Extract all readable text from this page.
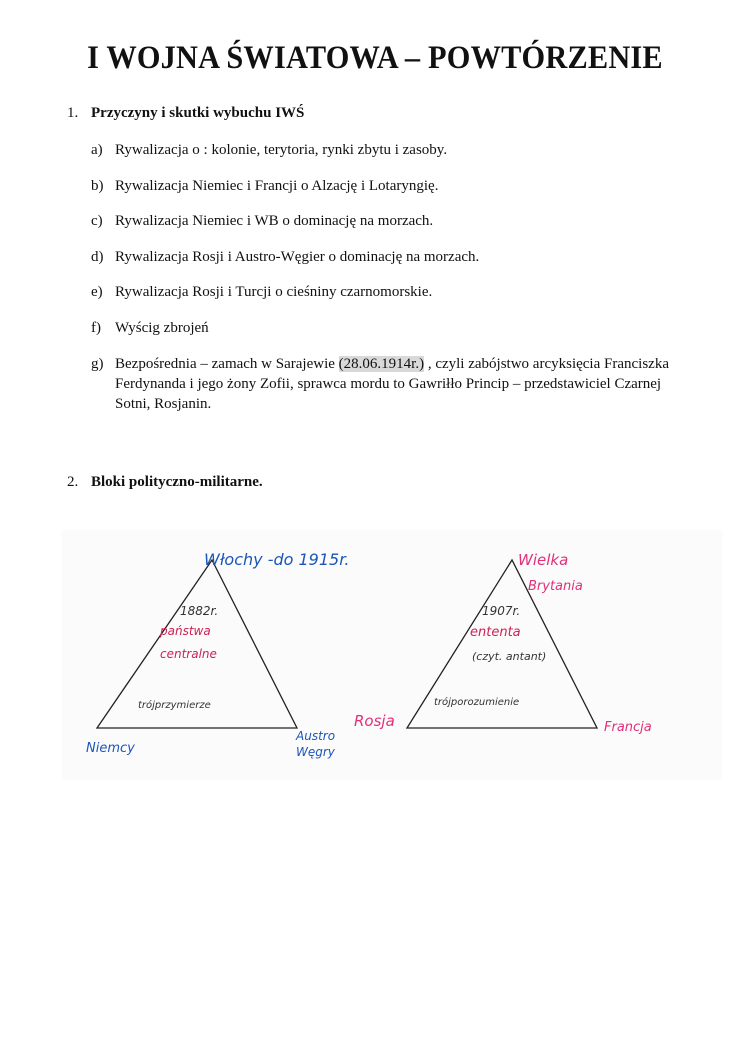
I WOJNA ŚWIATOWA – POWTÓRZENIE
1. Przyczyny i skutki wybuchu IWŚ
a) Rywalizacja o : kolonie, terytoria, rynki zbytu i zasoby.
b) Rywalizacja Niemiec i Francji o Alzację i Lotaryngię.
c) Rywalizacja Niemiec i WB o dominację na morzach.
d) Rywalizacja Rosji i Austro-Węgier o dominację na morzach.
e) Rywalizacja Rosji i Turcji o cieśniny czarnomorskie.
f) Wyścig zbrojeń
g) Bezpośrednia – zamach w Sarajewie (28.06.1914r.) , czyli zabójstwo arcyksięcia Franciszka Ferdynanda i jego żony Zofii, sprawca mordu to Gawriłło Princip – przedstawiciel Czarnej Sotni, Rosjanin.
2. Bloki polityczno-militarne.
Włochy -do 1915r.
1882r.
państwa
centralne
trójprzymierze
Niemcy
Austro
Węgry
Wielka
Brytania
1907r.
ententa
(czyt. antant)
trójporozumienie
Rosja	Francja
